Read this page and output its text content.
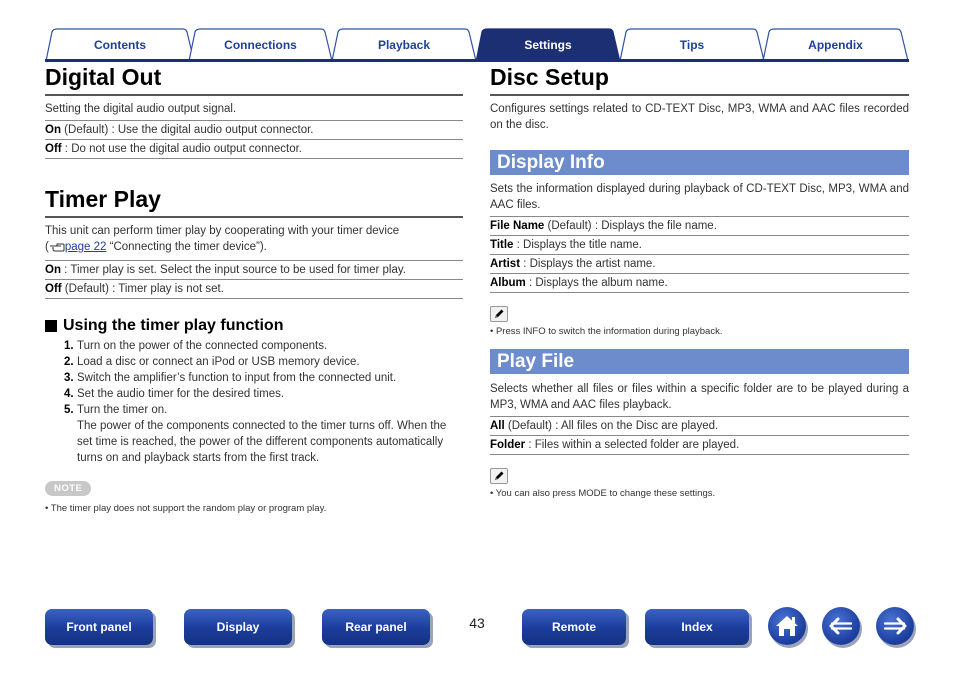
Contents	Connections	Playback	Settings	Tips	Appendix
Digital Out
Setting the digital audio output signal.
On (Default) : Use the digital audio output connector.
Off : Do not use the digital audio output connector.
Timer Play
This unit can perform timer play by cooperating with your timer device
( page 22 “Connecting the timer device”).
On : Timer play is set. Select the input source to be used for timer play.
Off (Default) : Timer play is not set.
Using the timer play function
1. Turn on the power of the connected components.
2. Load a disc or connect an iPod or USB memory device.
3. Switch the amplifier’s function to input from the connected unit.
4. Set the audio timer for the desired times.
5. Turn the timer on.
The power of the components connected to the timer turns off. When the set time is reached, the power of the different components automatically turns on and playback starts from the first track.
NOTE
• The timer play does not support the random play or program play.
Disc Setup
Configures settings related to CD-TEXT Disc, MP3, WMA and AAC files recorded on the disc.
Display Info
Sets the information displayed during playback of CD-TEXT Disc, MP3, WMA and AAC files.
File Name (Default) : Displays the file name.
Title : Displays the title name.
Artist : Displays the artist name.
Album : Displays the album name.
• Press INFO to switch the information during playback.
Play File
Selects whether all files or files within a specific folder are to be played during a MP3, WMA and AAC files playback.
All (Default) : All files on the Disc are played.
Folder : Files within a selected folder are played.
• You can also press MODE to change these settings.
Front panel	Display	Rear panel	43	Remote	Index
